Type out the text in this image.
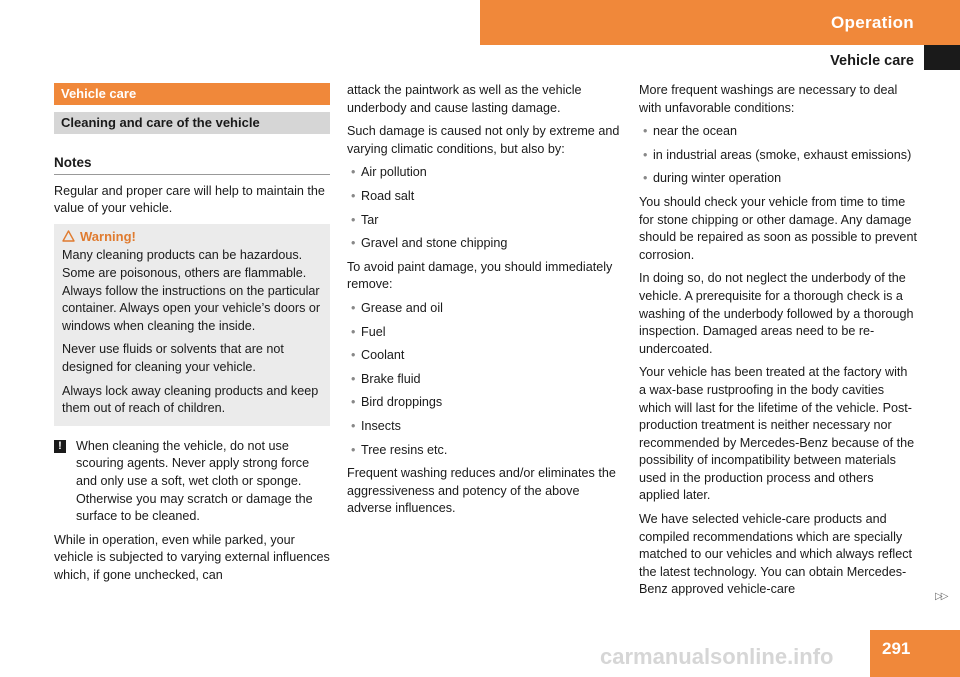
Operation
Vehicle care
Vehicle care
Cleaning and care of the vehicle
Notes

Regular and proper care will help to maintain the value of your vehicle.

Warning!

Many cleaning products can be hazardous. Some are poisonous, others are flammable. Always follow the instructions on the particular container. Always open your vehicle’s doors or windows when cleaning the inside.

Never use fluids or solvents that are not designed for cleaning your vehicle.

Always lock away cleaning products and keep them out of reach of children.

!	When cleaning the vehicle, do not use scouring agents. Never apply strong force and only use a soft, wet cloth or sponge. Otherwise you may scratch or damage the surface to be cleaned.

While in operation, even while parked, your vehicle is subjected to varying external influences which, if gone unchecked, can

attack the paintwork as well as the vehicle underbody and cause lasting damage.

Such damage is caused not only by extreme and varying climatic conditions, but also by:

• Air pollution
• Road salt
• Tar
• Gravel and stone chipping

To avoid paint damage, you should immediately remove:

• Grease and oil
• Fuel
• Coolant
• Brake fluid
• Bird droppings
• Insects
• Tree resins etc.

Frequent washing reduces and/or eliminates the aggressiveness and potency of the above adverse influences.

More frequent washings are necessary to deal with unfavorable conditions:

• near the ocean
• in industrial areas (smoke, exhaust emissions)
• during winter operation

You should check your vehicle from time to time for stone chipping or other damage. Any damage should be repaired as soon as possible to prevent corrosion.

In doing so, do not neglect the underbody of the vehicle. A prerequisite for a thorough check is a washing of the underbody followed by a thorough inspection. Damaged areas need to be re-undercoated.

Your vehicle has been treated at the factory with a wax-base rustproofing in the body cavities which will last for the lifetime of the vehicle. Post-production treatment is neither necessary nor recommended by Mercedes-Benz because of the possibility of incompatibility between materials used in the production process and others applied later.

We have selected vehicle-care products and compiled recommendations which are specially matched to our vehicles and which always reflect the latest technology. You can obtain Mercedes-Benz approved vehicle-care

▷▷
291
carmanualsonline.info
